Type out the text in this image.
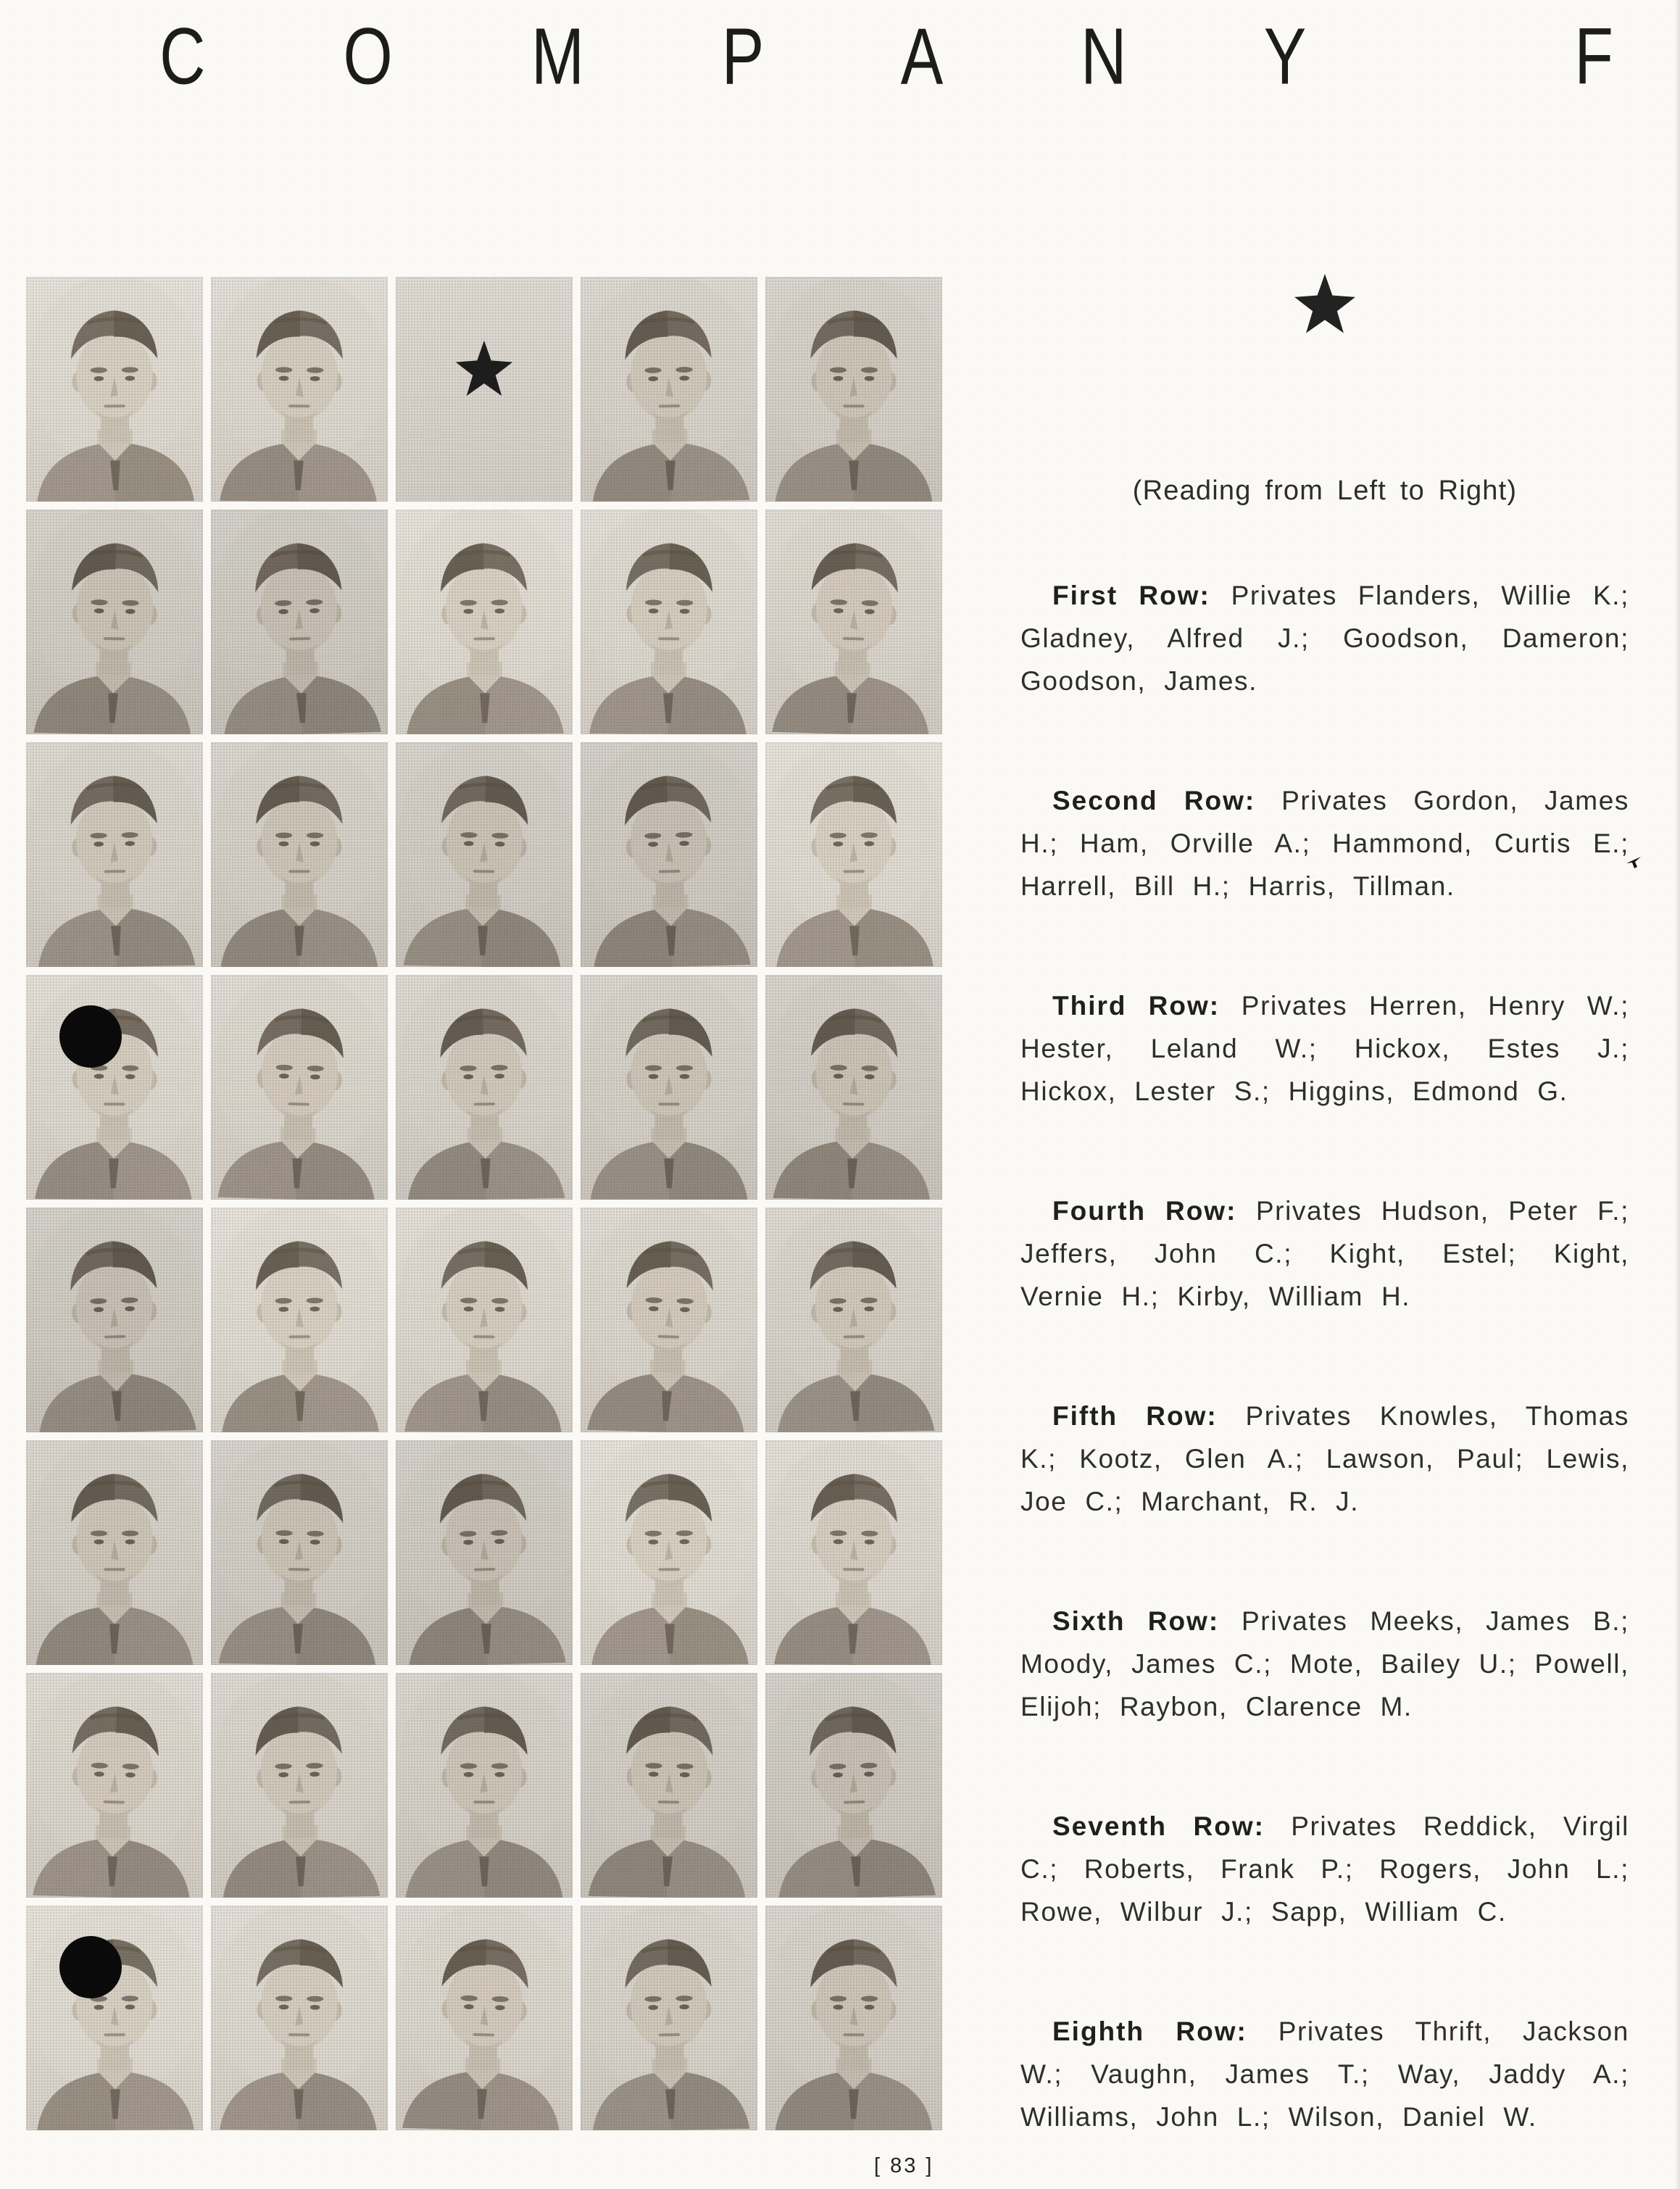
C O M P A N Y	F

(Reading from Left to Right)

First Row: Privates Flanders, Willie K.; Gladney, Alfred J.; Goodson, Dameron; Goodson, James.

Second Row: Privates Gordon, James H.; Ham, Orville A.; Hammond, Curtis E.; Harrell, Bill H.; Harris, Tillman.

Third Row: Privates Herren, Henry W.; Hester, Leland W.; Hickox, Estes J.; Hickox, Lester S.; Higgins, Edmond G.

Fourth Row: Privates Hudson, Peter F.; Jeffers, John C.; Kight, Estel; Kight, Vernie H.; Kirby, William H.

Fifth Row: Privates Knowles, Thomas K.; Kootz, Glen A.; Lawson, Paul; Lewis, Joe C.; Marchant, R. J.

Sixth Row: Privates Meeks, James B.; Moody, James C.; Mote, Bailey U.; Powell, Elijoh; Raybon, Clarence M.

Seventh Row: Privates Reddick, Virgil C.; Roberts, Frank P.; Rogers, John L.; Rowe, Wilbur J.; Sapp, William C.

Eighth Row: Privates Thrift, Jackson W.; Vaughn, James T.; Way, Jaddy A.; Williams, John L.; Wilson, Daniel W.

[ 83 ]
